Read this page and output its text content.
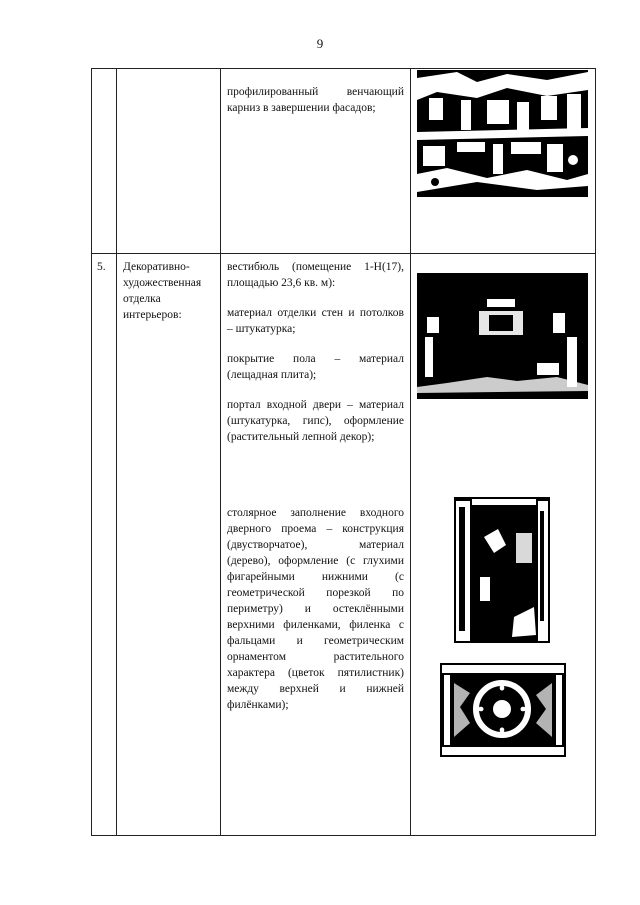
9
профилированный венчающий
карниз в завершении фасадов;
5. Декоративно-
художественная
отделка
интерьеров:
вестибюль (помещение 1-Н(17),
площадью 23,6 кв. м):
материал отделки стен и потолков
– штукатурка;
покрытие пола – материал
(лещадная плита);
портал входной двери – материал
(штукатурка, гипс), оформление
(растительный лепной декор);
столярное заполнение входного
дверного проема – конструкция
(двустворчатое), материал
(дерево), оформление (с глухими
фигарейными нижними (с
геометрической порезкой по
периметру) и остеклёнными
верхними филенками, филенка с
фальцами и геометрическим
орнаментом растительного
характера (цветок пятилистник)
между верхней и нижней
филёнками);
